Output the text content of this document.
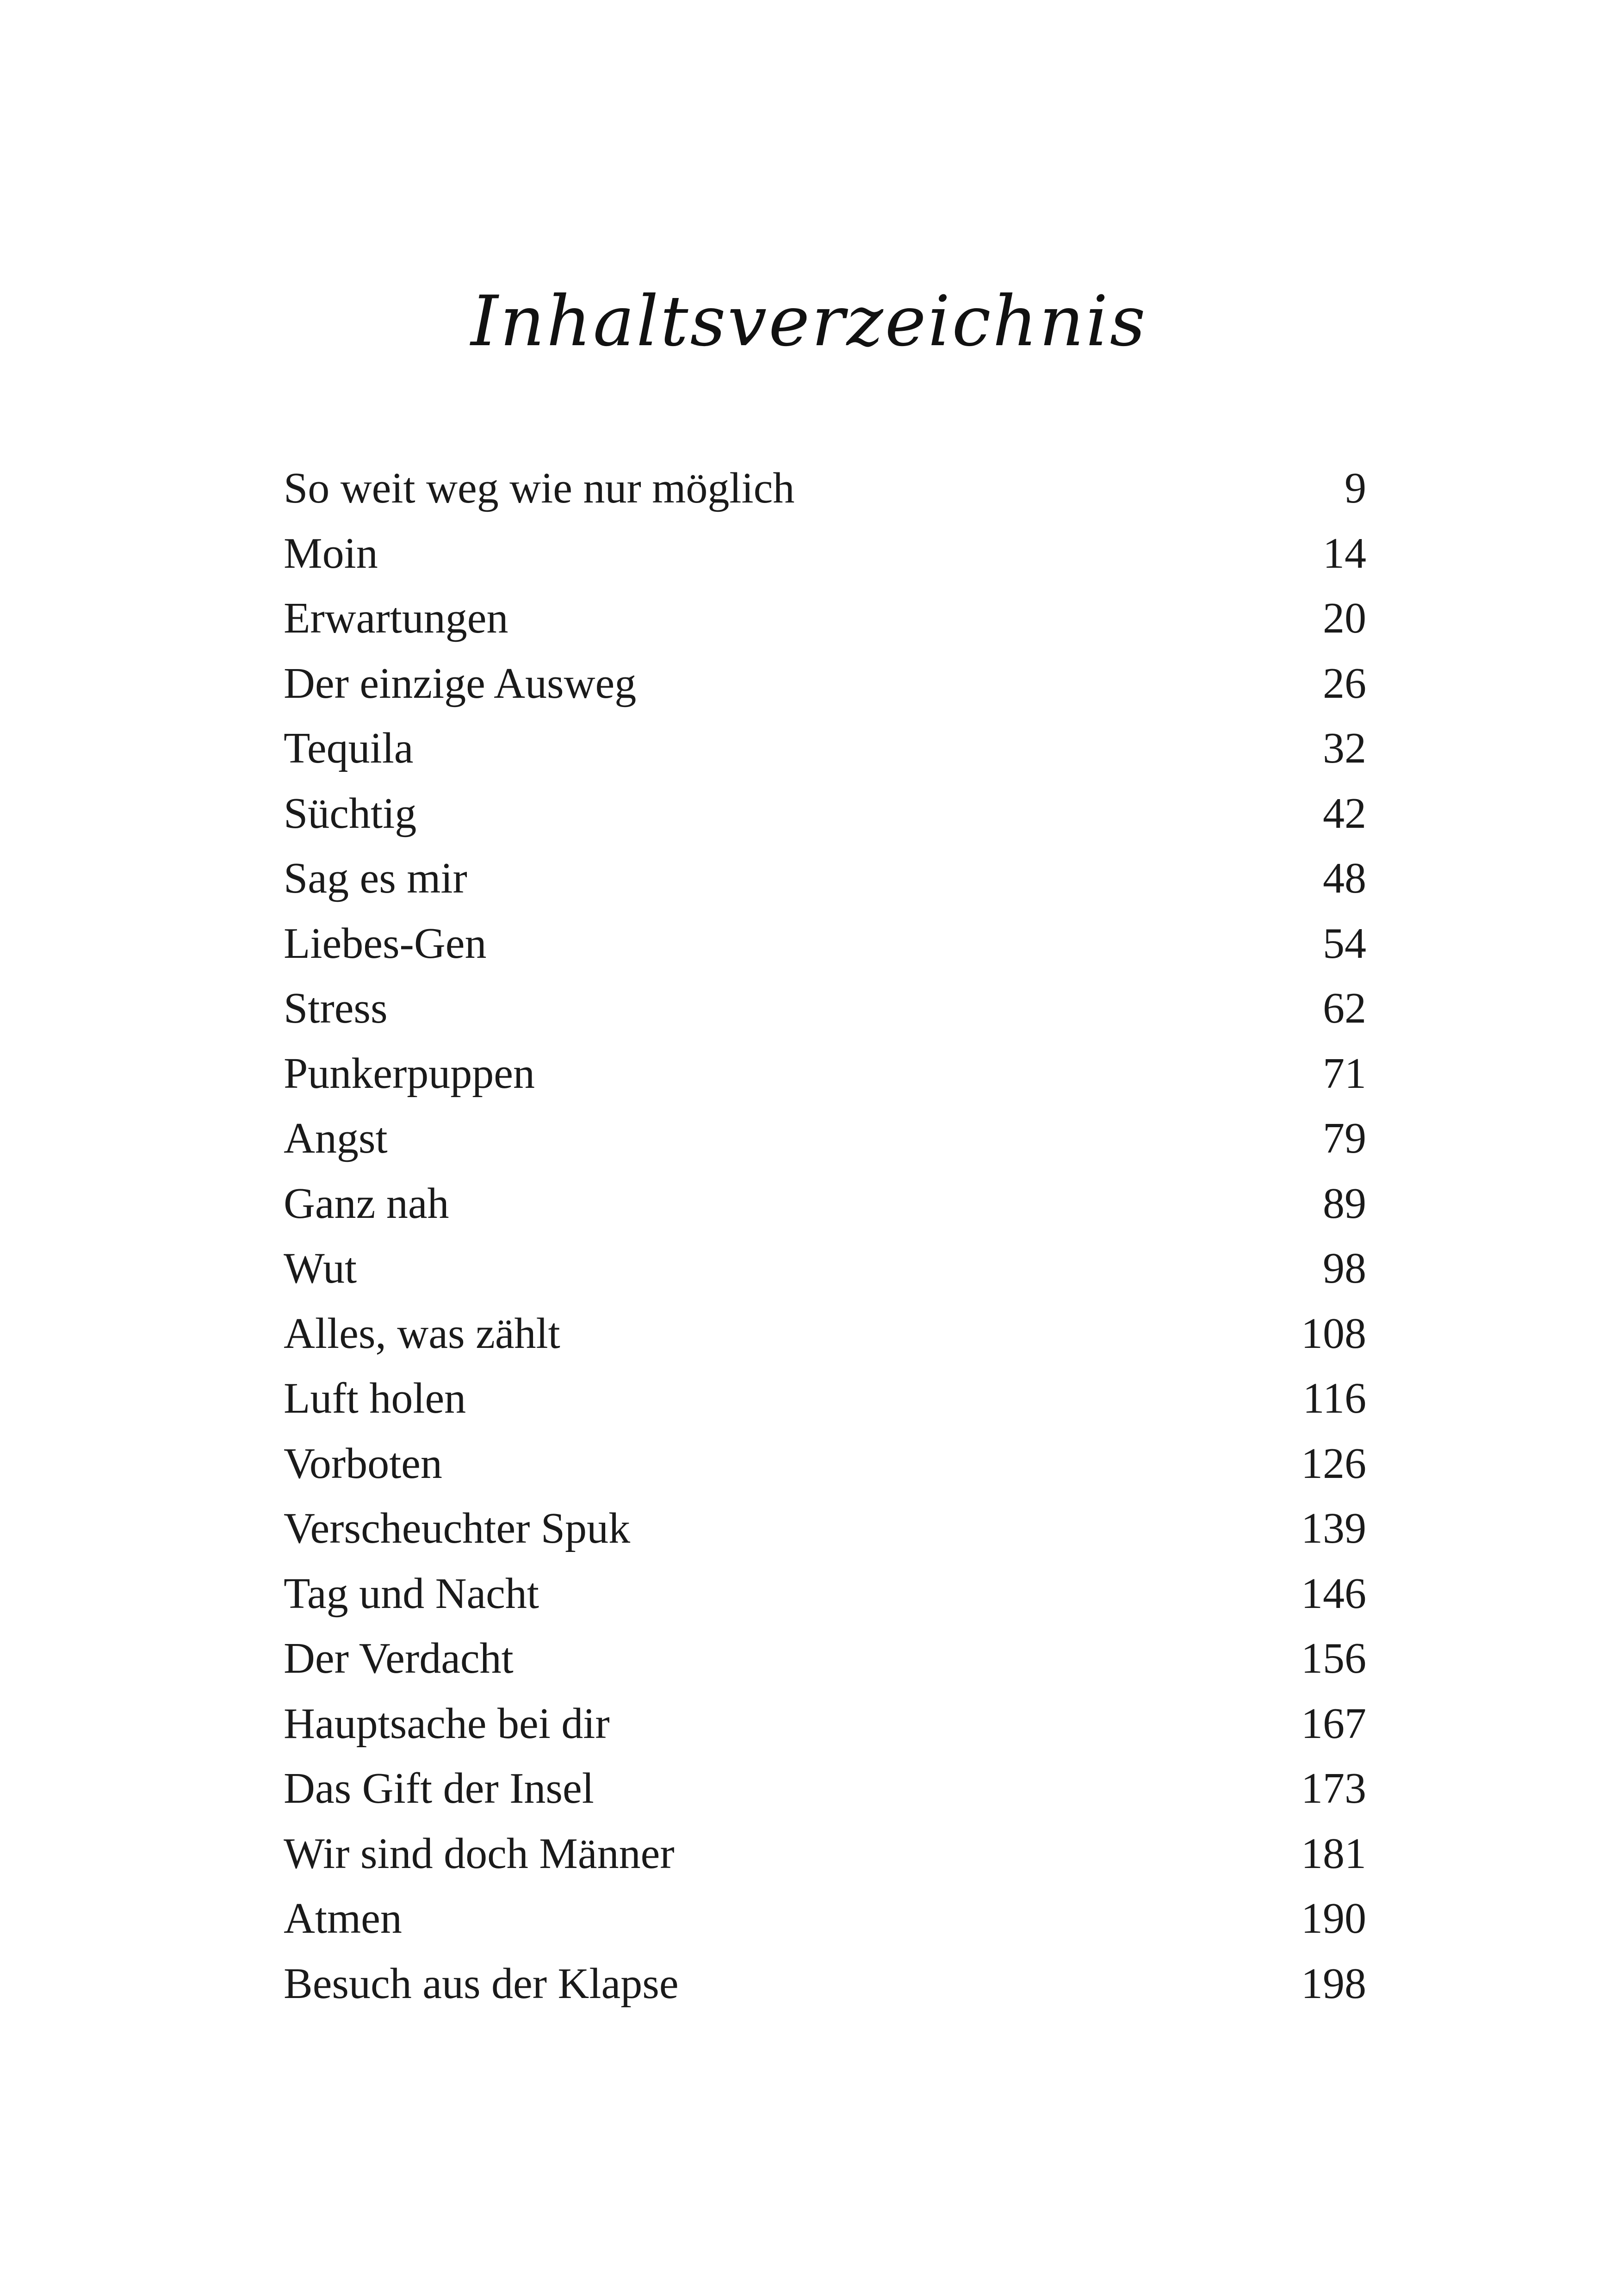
Inhaltsverzeichnis
So weit weg wie nur möglich	9
Moin	14
Erwartungen	20
Der einzige Ausweg	26
Tequila	32
Süchtig	42
Sag es mir	48
Liebes-Gen	54
Stress	62
Punkerpuppen	71
Angst	79
Ganz nah	89
Wut	98
Alles, was zählt	108
Luft holen	116
Vorboten	126
Verscheuchter Spuk	139
Tag und Nacht	146
Der Verdacht	156
Hauptsache bei dir	167
Das Gift der Insel	173
Wir sind doch Männer	181
Atmen	190
Besuch aus der Klapse	198
